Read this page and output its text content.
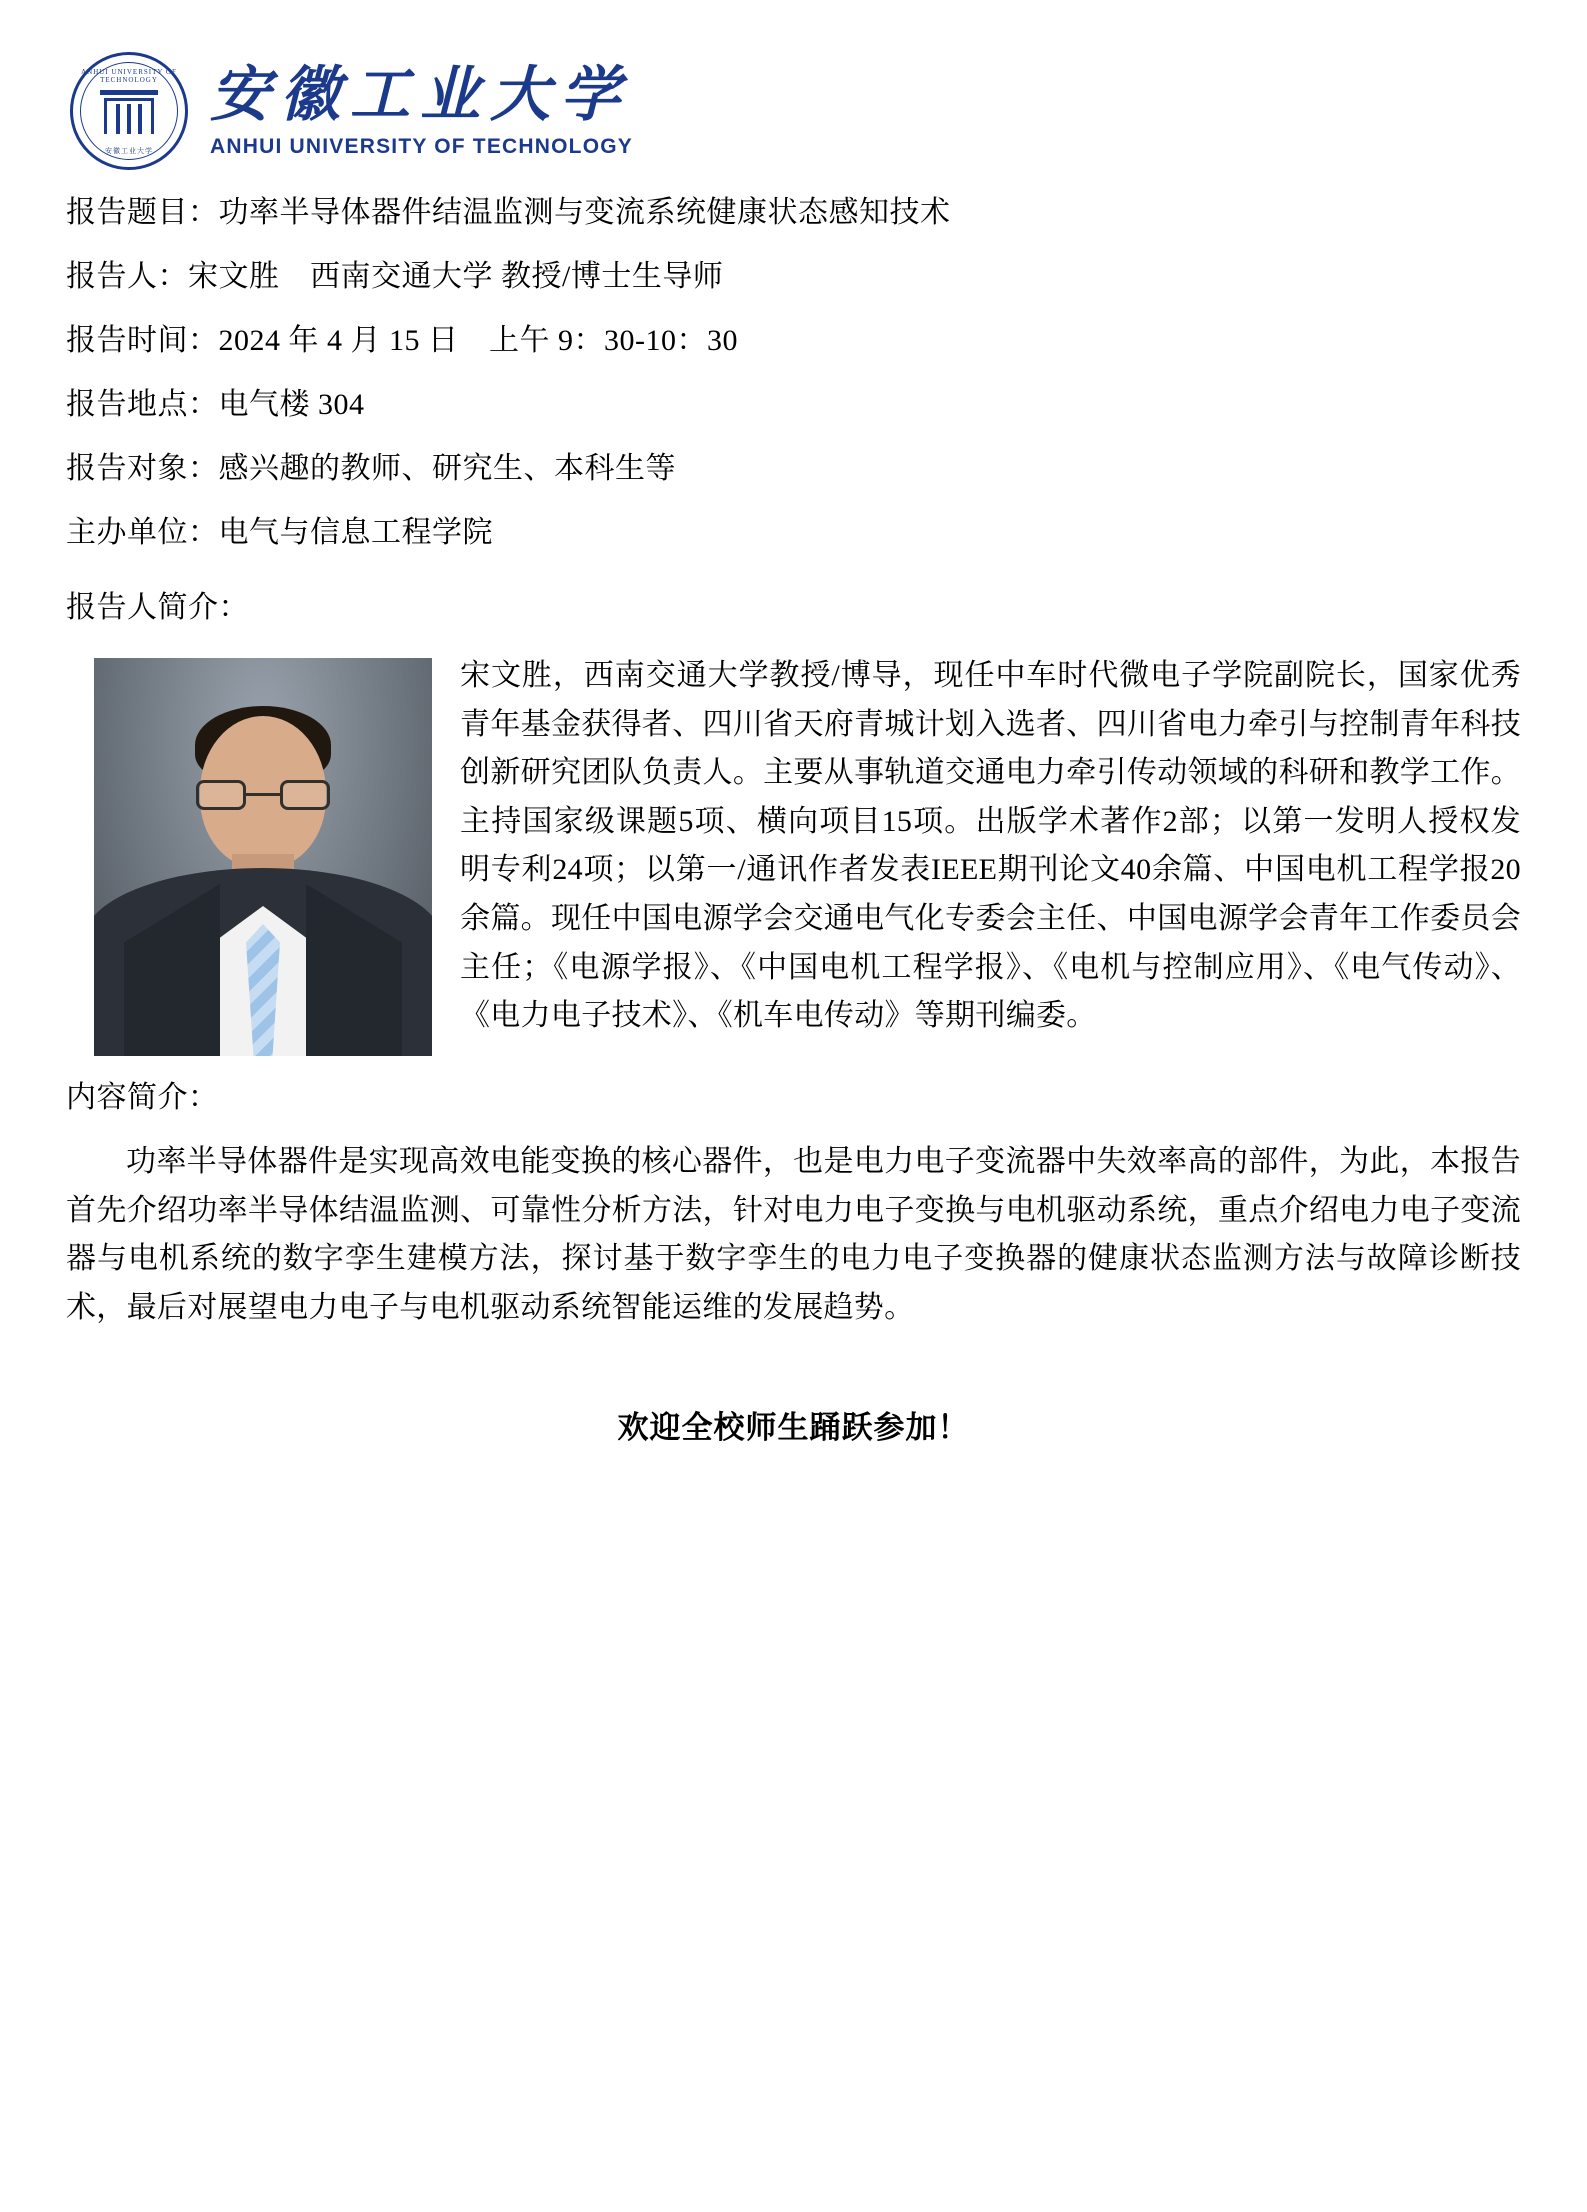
ANHUI UNIVERSITY OF TECHNOLOGY
安徽工业大学
安徽工业大学
ANHUI UNIVERSITY OF TECHNOLOGY

报告题目：功率半导体器件结温监测与变流系统健康状态感知技术

报告人：宋文胜　西南交通大学 教授/博士生导师

报告时间：2024 年 4 月 15 日　上午 9：30-10：30

报告地点：电气楼 304

报告对象：感兴趣的教师、研究生、本科生等

主办单位：电气与信息工程学院

报告人简介：

宋文胜，西南交通大学教授/博导，现任中车时代微电子学院副院长，国家优秀青年基金获得者、四川省天府青城计划入选者、四川省电力牵引与控制青年科技创新研究团队负责人。主要从事轨道交通电力牵引传动领域的科研和教学工作。主持国家级课题5项、横向项目15项。出版学术著作2部；以第一发明人授权发明专利24项；以第一/通讯作者发表IEEE期刊论文40余篇、中国电机工程学报20余篇。现任中国电源学会交通电气化专委会主任、中国电源学会青年工作委员会主任；《电源学报》、《中国电机工程学报》、《电机与控制应用》、《电气传动》、《电力电子技术》、《机车电传动》等期刊编委。

内容简介：

功率半导体器件是实现高效电能变换的核心器件，也是电力电子变流器中失效率高的部件，为此，本报告首先介绍功率半导体结温监测、可靠性分析方法，针对电力电子变换与电机驱动系统，重点介绍电力电子变流器与电机系统的数字孪生建模方法，探讨基于数字孪生的电力电子变换器的健康状态监测方法与故障诊断技术，最后对展望电力电子与电机驱动系统智能运维的发展趋势。

欢迎全校师生踊跃参加！
